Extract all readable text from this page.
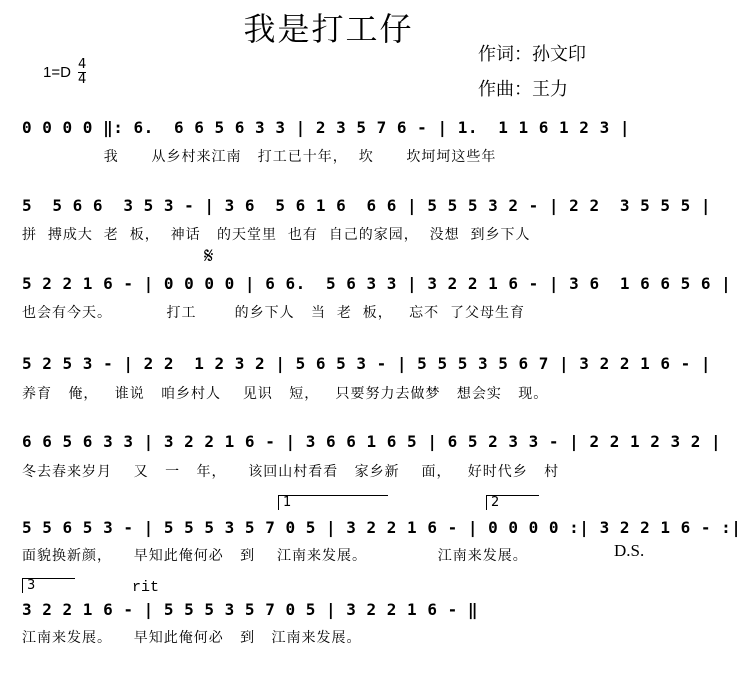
我是打工仔
作词：孙文印
作曲：王力
$1=D \frac{4}{4}$
0 0 0 0 ‖: 6.  6 6 5 6 3 3 | 2 3 5 7 6 - | 1.  1 1 6 1 2 3 |
我      从乡村来江南   打工已十年，  坎      坎坷坷这些年
5  5 6 6  3 5 3 - | 3 6  5 6 1 6  6 6 | 5 5 5 3 2 - | 2 2  3 5 5 5 |
拼  搏成大  老  板，  神话   的天堂里  也有  自己的家园，  没想  到乡下人
𝄋
5 2 2 1 6 - | 0 0 0 0 | 6 6.  5 6 3 3 | 3 2 2 1 6 - | 3 6  1 6 6 5 6 |
也会有今天。          打工       的乡下人   当  老  板，   忘不  了父母生育
5 2 5 3 - | 2 2  1 2 3 2 | 5 6 5 3 - | 5 5 5 3 5 6 7 | 3 2 2 1 6 - |
养育   俺，   谁说   咱乡村人    见识   短，   只要努力去做梦   想会实   现。
6 6 5 6 3 3 | 3 2 2 1 6 - | 3 6 6 1 6 5 | 6 5 2 3 3 - | 2 2 1 2 3 2 |
冬去春来岁月    又   一   年，    该回山村看看   家乡新    面，   好时代乡   村
1	2
5 5 6 5 3 - | 5 5 5 3 5 7 0 5 | 3 2 2 1 6 - | 0 0 0 0 :| 3 2 2 1 6 - :|
面貌换新颜，    早知此俺何必   到    江南来发展。             江南来发展。	D.S.
3	rit
3 2 2 1 6 - | 5 5 5 3 5 7 0 5 | 3 2 2 1 6 - ‖
江南来发展。    早知此俺何必   到   江南来发展。
